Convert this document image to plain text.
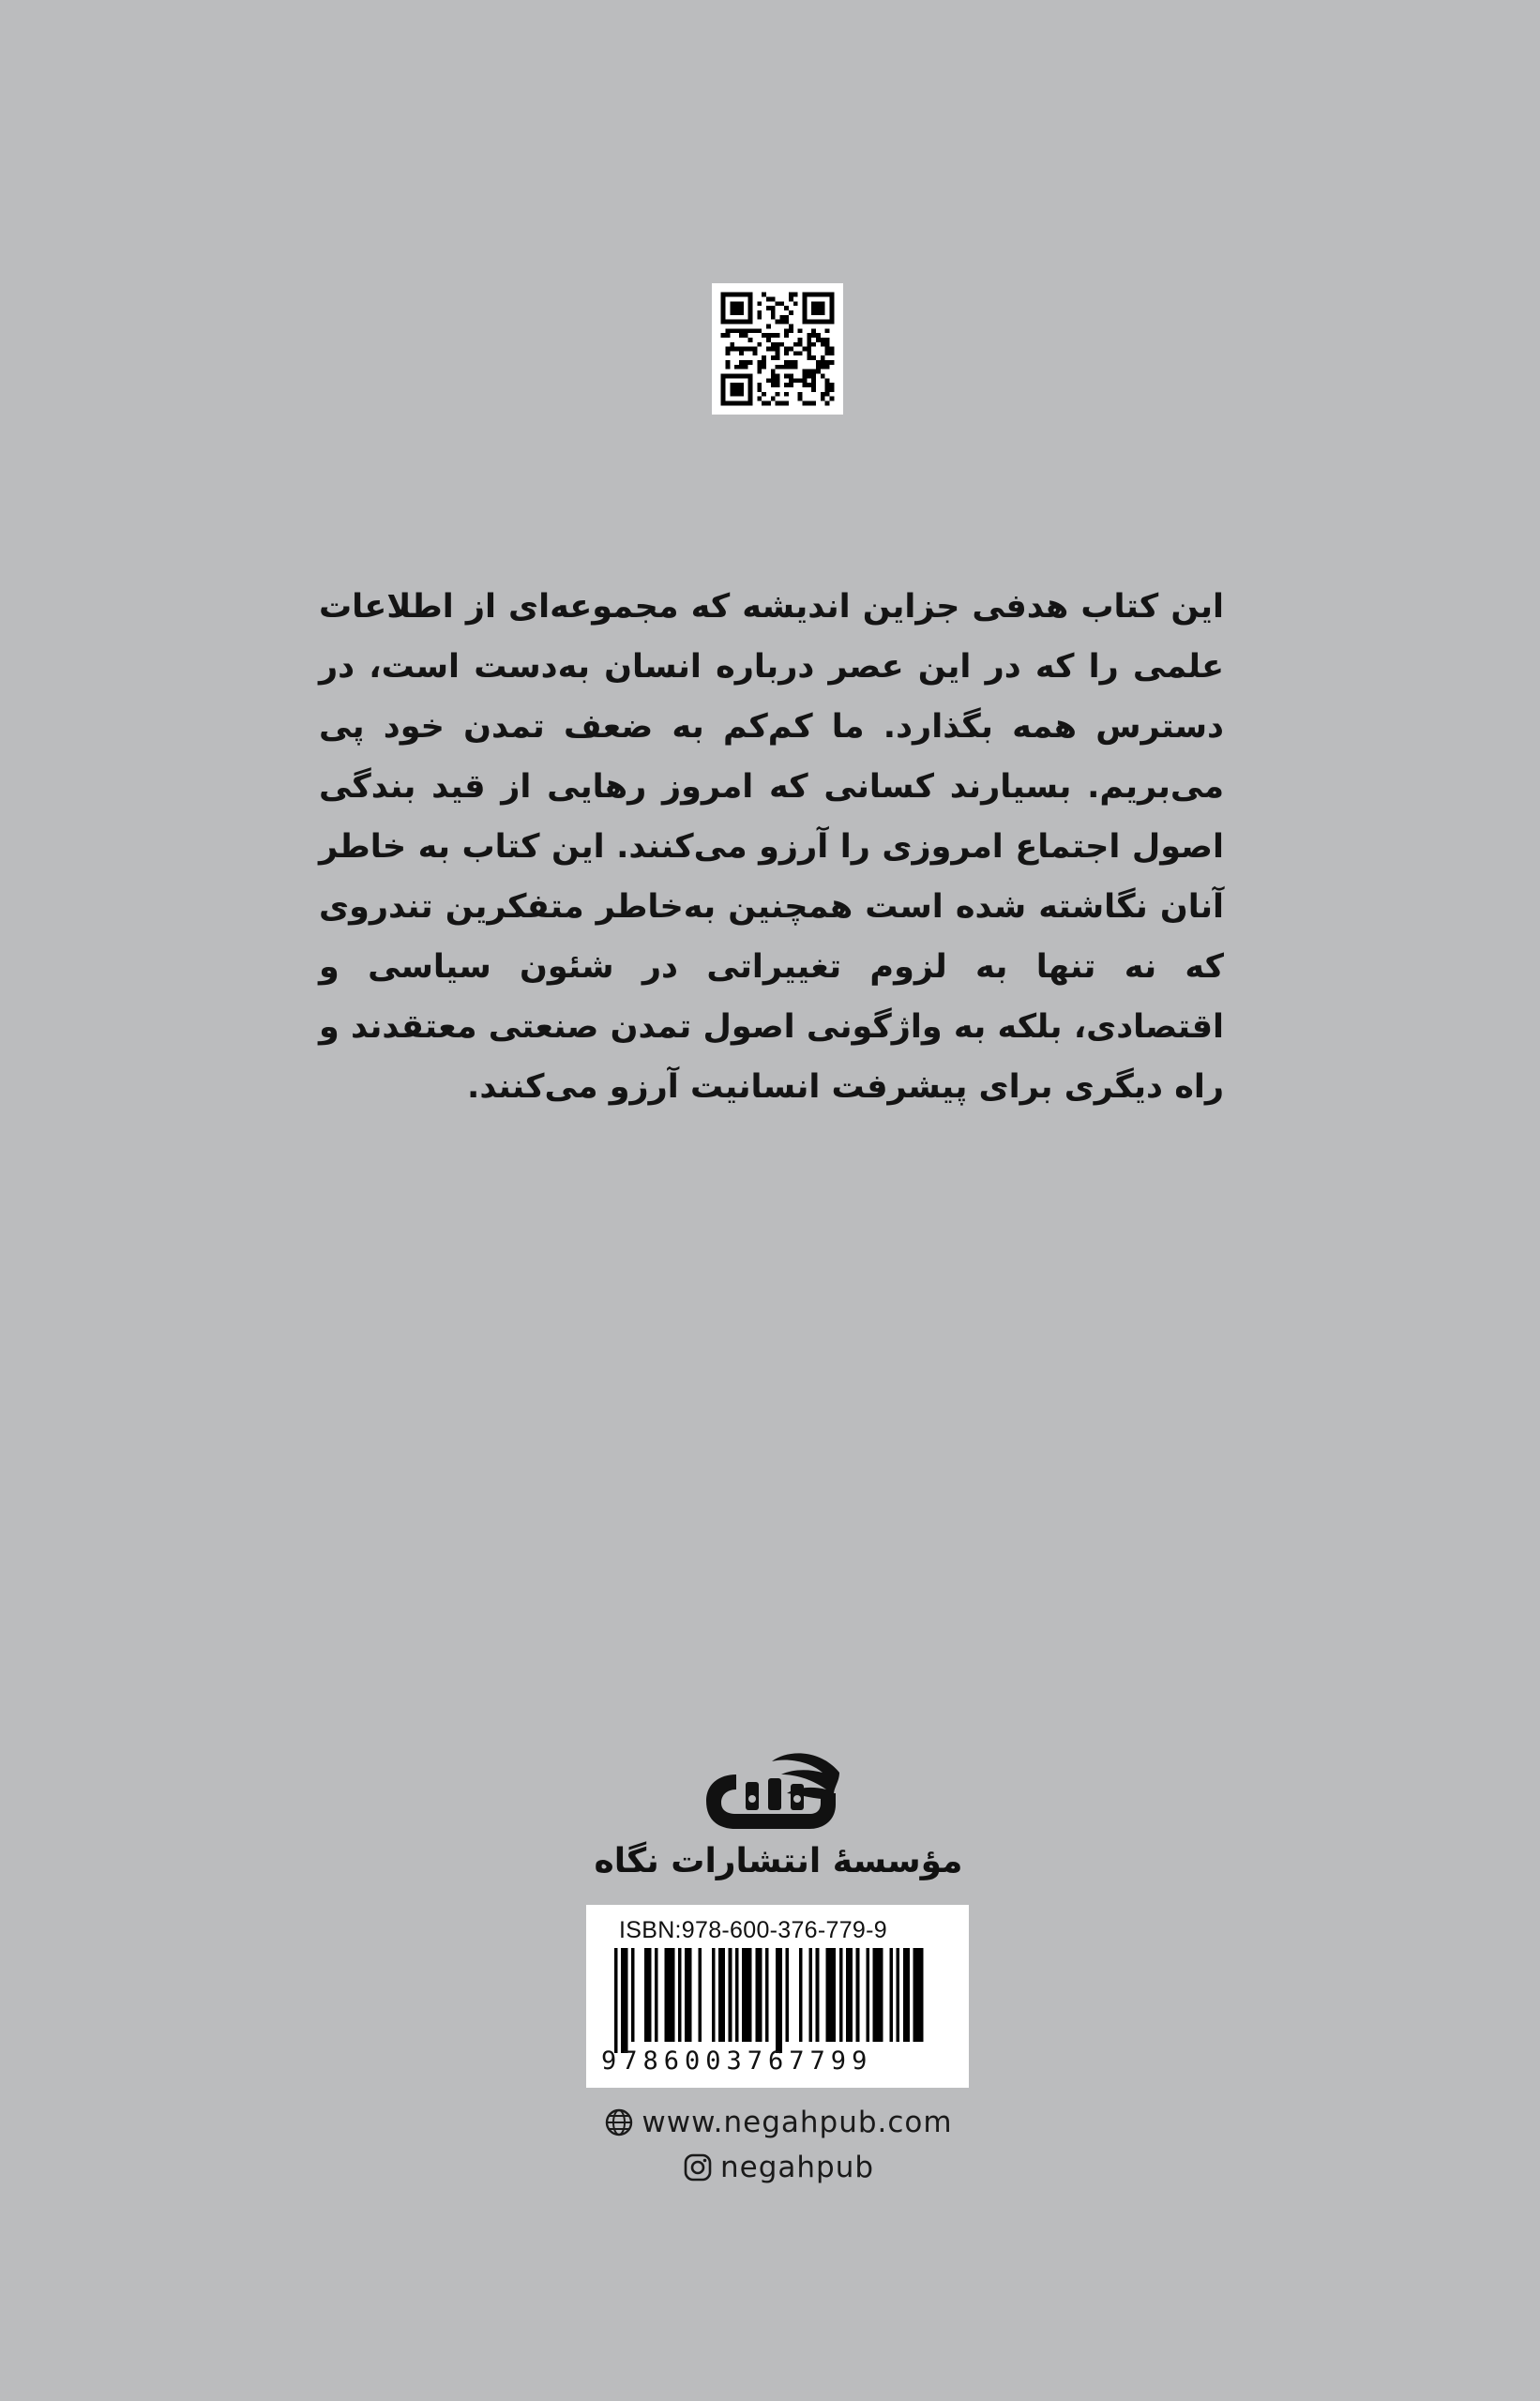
این کتاب هدفی جزاین اندیشه که مجموعه‌ای از اطلاعات علمی را که در این عصر درباره انسان به‌دست است، در دسترس همه بگذارد. ما کم‌کم به ضعف تمدن خود پی می‌بریم. بسیارند کسانی که امروز رهایی از قید بندگی اصول اجتماع امروزی را آرزو می‌کنند. این کتاب به خاطر آنان نگاشته شده است همچنین به‌خاطر متفکرین تندروی که نه تنها به لزوم تغییراتی در شئون سیاسی و اقتصادی، بلکه به واژگونی اصول تمدن صنعتی معتقدند و راه دیگری برای پیشرفت انسانیت آرزو می‌کنند.

مؤسسهٔ انتشارات نگاه
ISBN:978-600-376-779-9
9786003767799
www.negahpub.com
negahpub
